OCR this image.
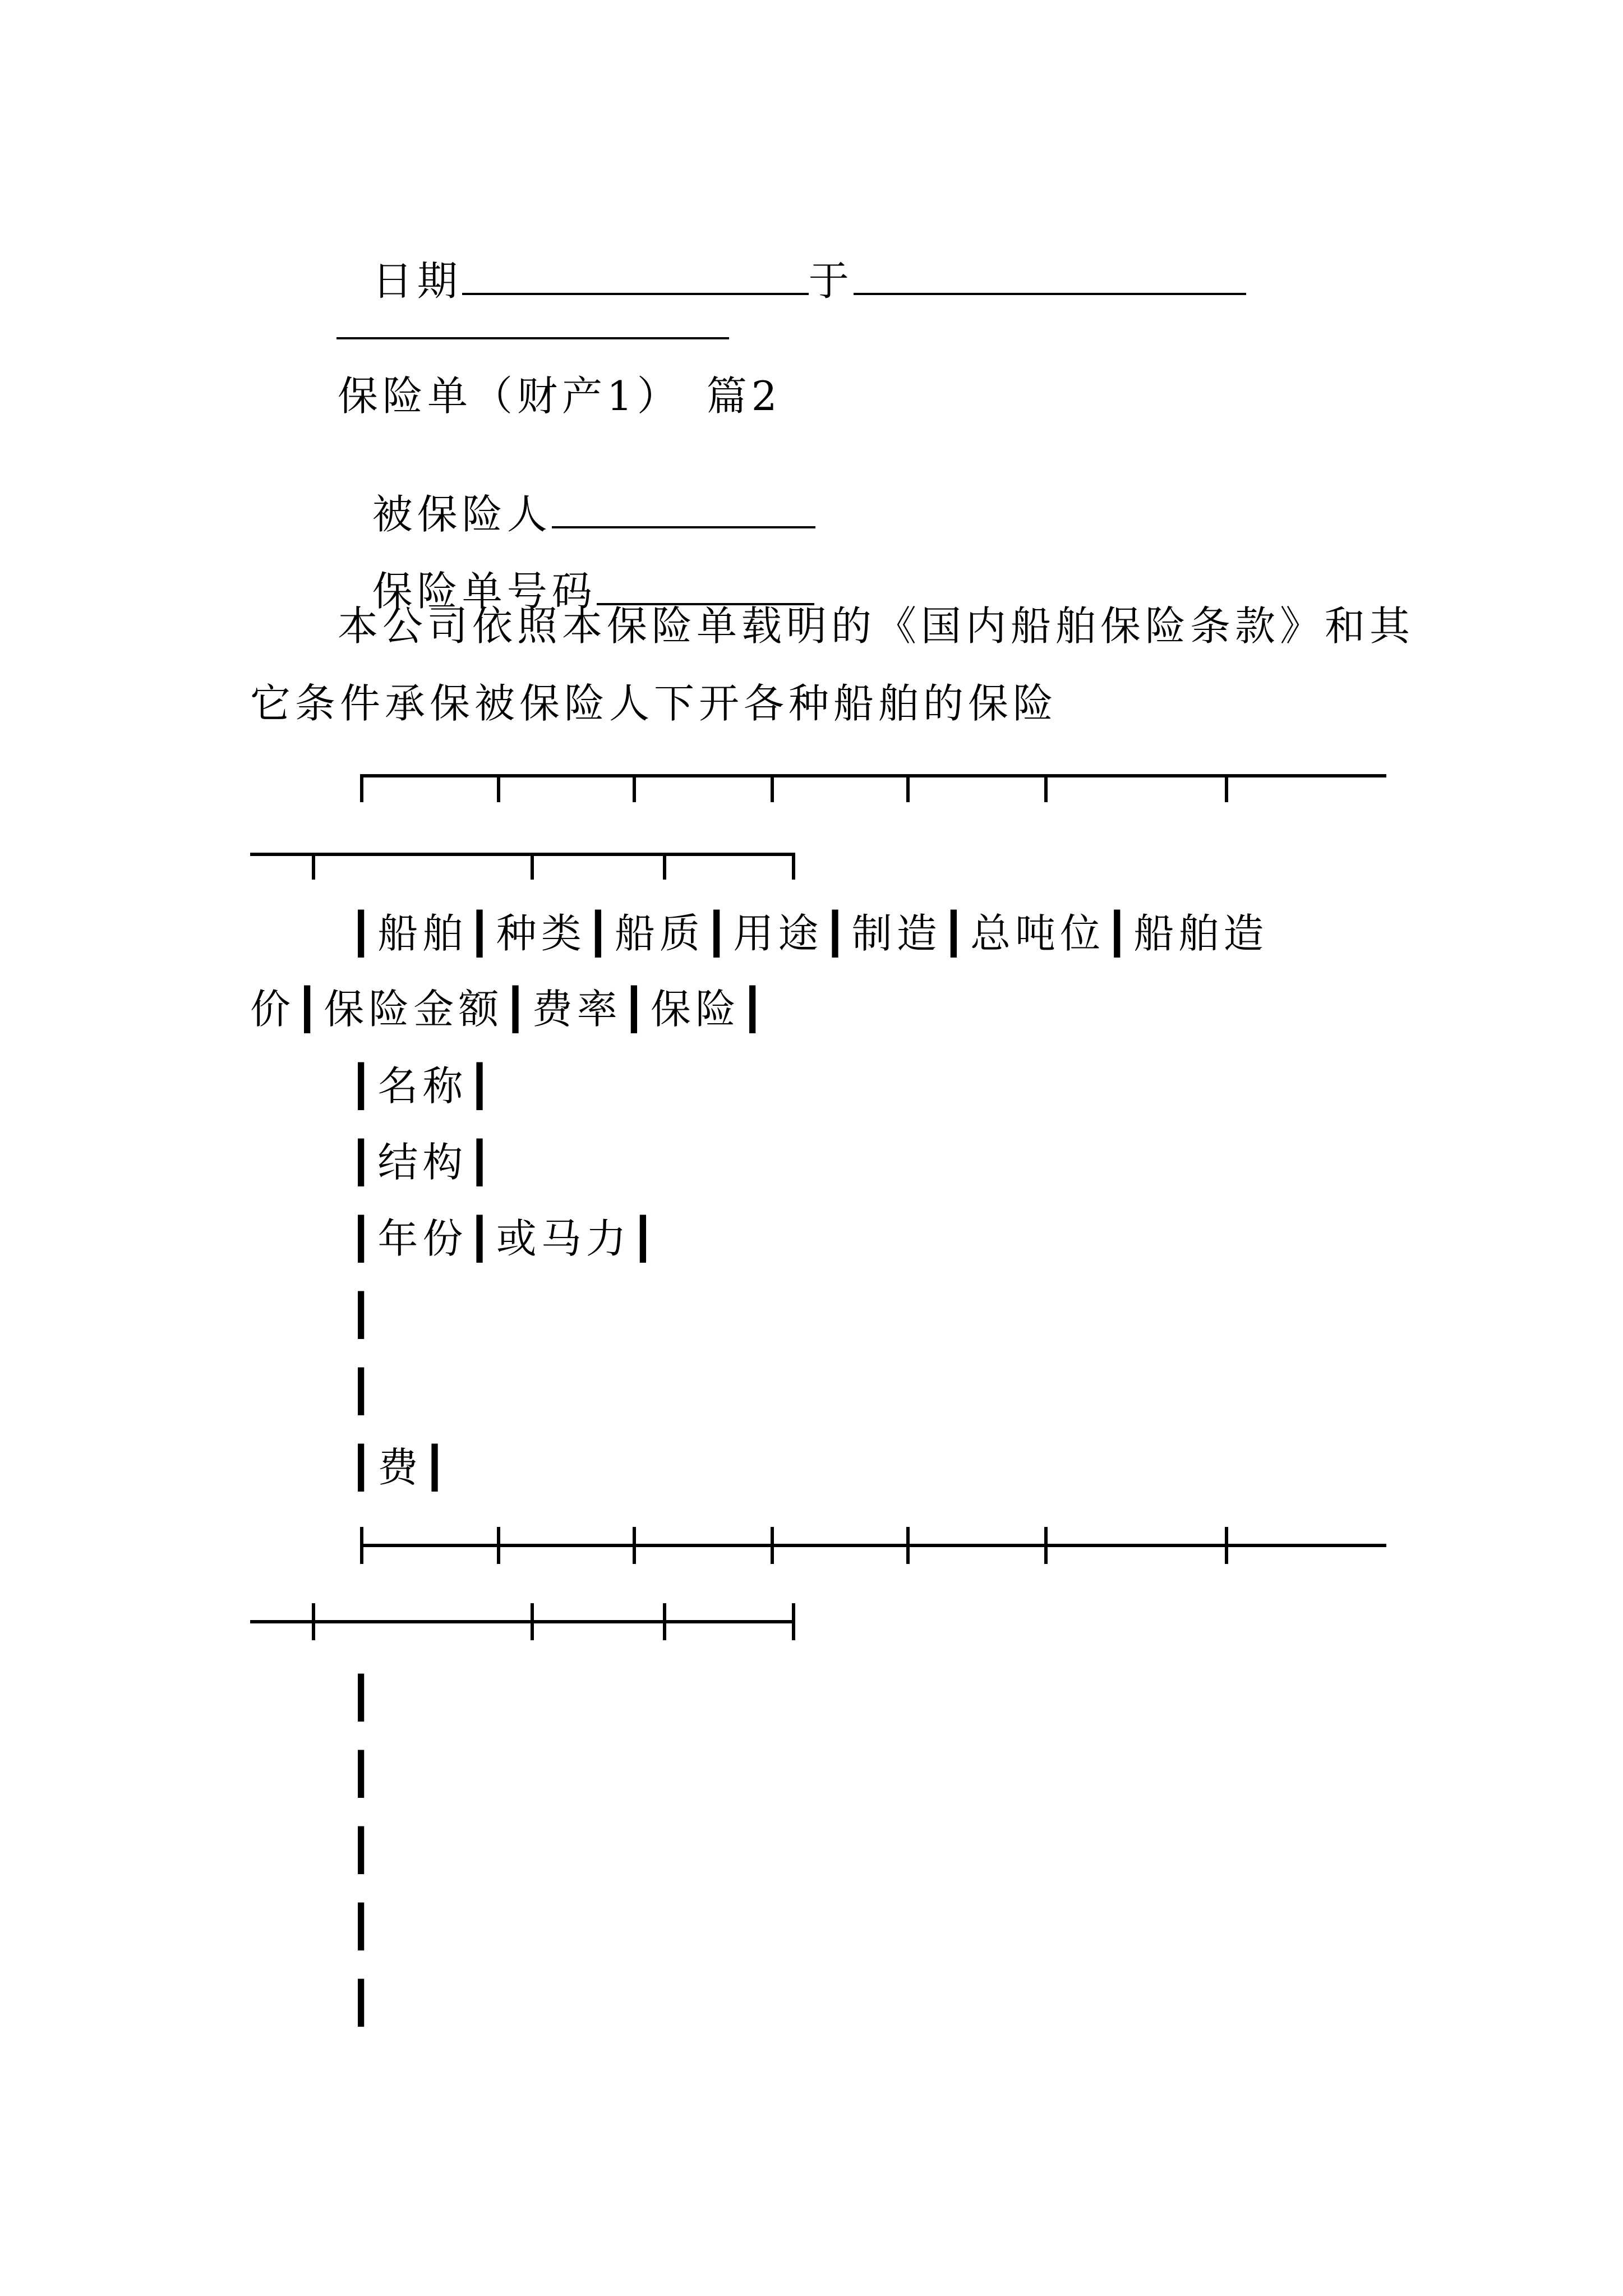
日期	于

保险单（财产1）　篇2

被保险人

保险单号码

本公司依照本保险单载明的《国内船舶保险条款》和其
它条件承保被保险人下开各种船舶的保险
┃船舶┃种类┃船质┃用途┃制造┃总吨位┃船舶造
价┃保险金额┃费率┃保险┃
┃名称┃
┃结构┃
┃年份┃或马力┃
┃
┃
┃费┃
┃
┃
┃
┃
┃
